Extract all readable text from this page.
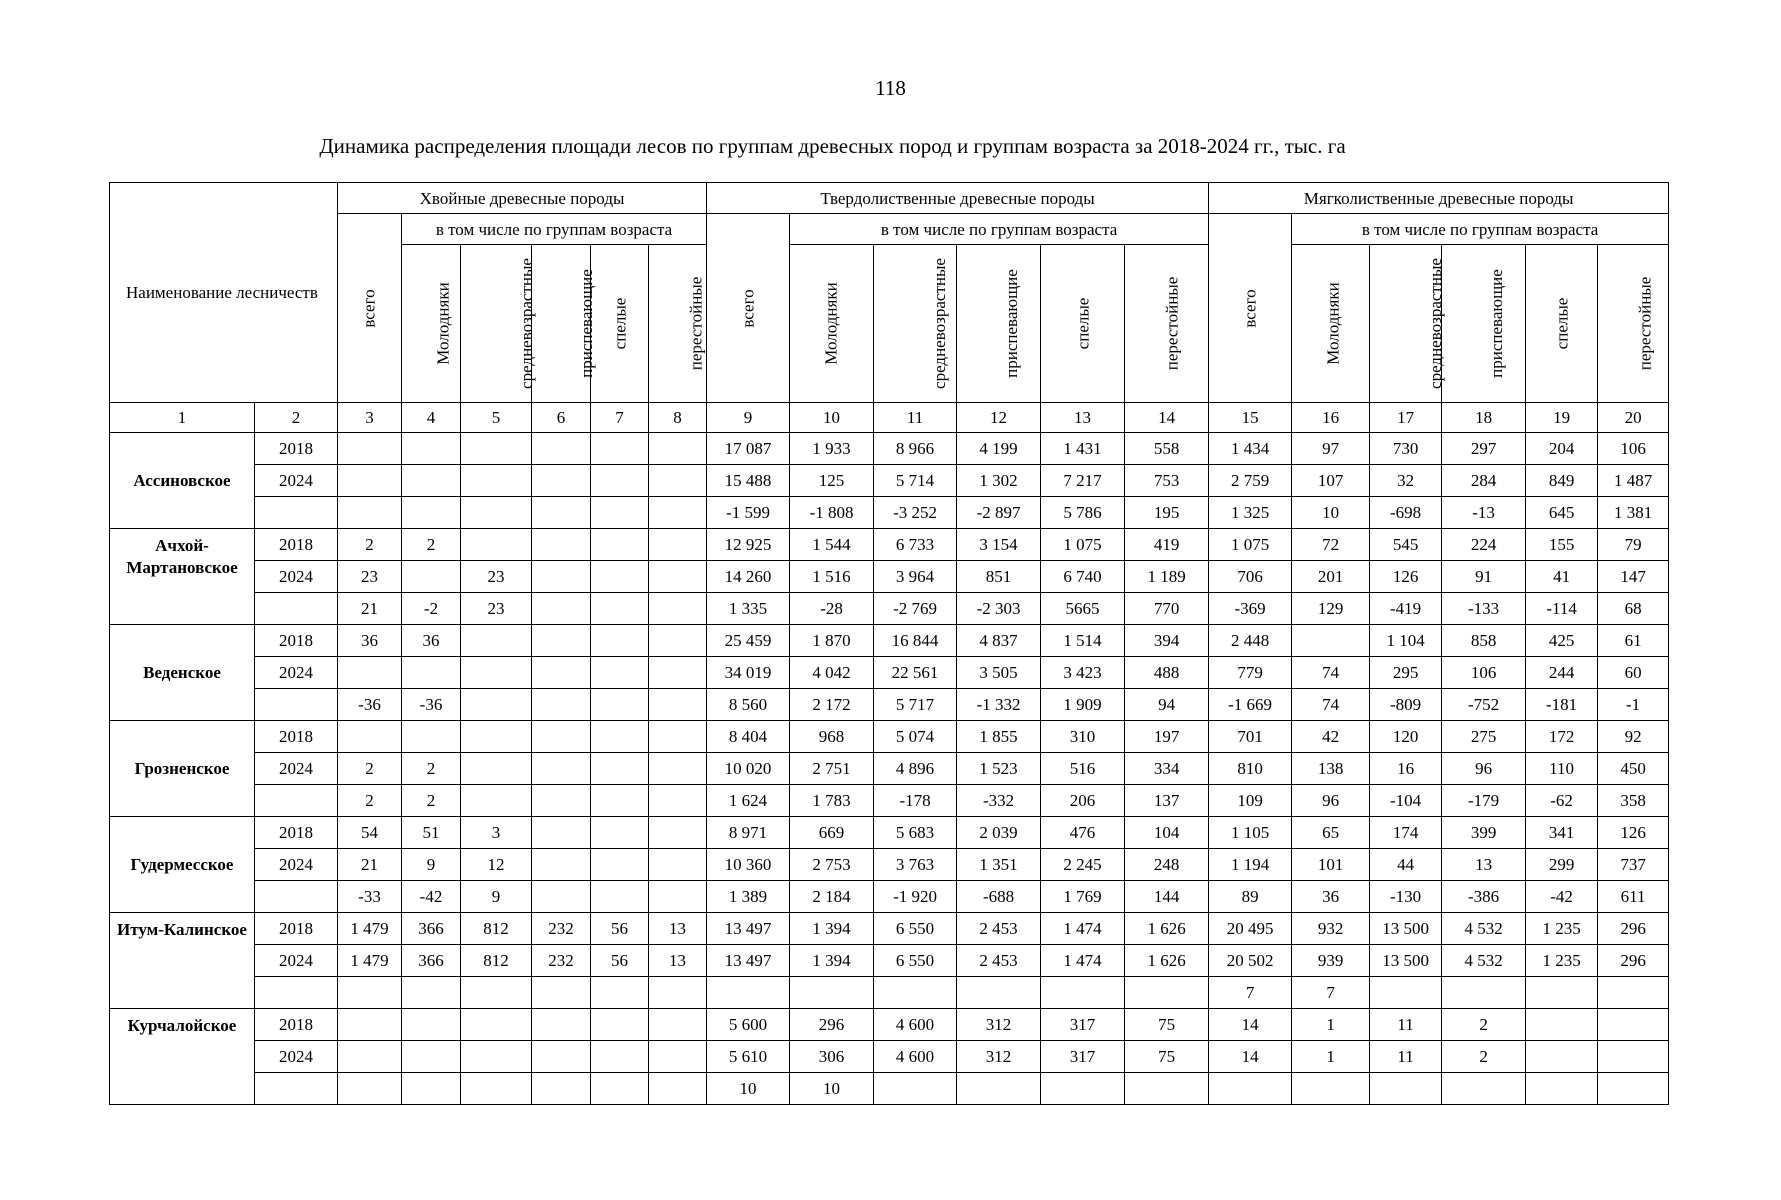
118
Динамика распределения площади лесов по группам древесных пород и группам возраста за 2018-2024 гг., тыс. га
Наименование лесничеств		Хвойные древесные породы						Твердолиственные древесные породы						Мягколиственные древесные породы					
		всего	в том числе по группам возраста					всего	в том числе по группам возраста					всего	в том числе по группам возраста				
			Молодняки	средневозрастные	приспевающие	спелые	перестойные		Молодняки	средневозрастные	приспевающие	спелые	перестойные		Молодняки	средневозрастные	приспевающие	спелые	перестойные
1	2	3	4	5	6	7	8	9	10	11	12	13	14	15	16	17	18	19	20
Ассиновское	2018							17 087	1 933	8 966	4 199	1 431	558	1 434	97	730	297	204	106
	2024							15 488	125	5 714	1 302	7 217	753	2 759	107	32	284	849	1 487
								-1 599	-1 808	-3 252	-2 897	5 786	195	1 325	10	-698	-13	645	1 381
Ачхой-Мартановское	2018	2	2					12 925	1 544	6 733	3 154	1 075	419	1 075	72	545	224	155	79
	2024	23		23				14 260	1 516	3 964	851	6 740	1 189	706	201	126	91	41	147
		21	-2	23				1 335	-28	-2 769	-2 303	5665	770	-369	129	-419	-133	-114	68
Веденское	2018	36	36					25 459	1 870	16 844	4 837	1 514	394	2 448		1 104	858	425	61
	2024							34 019	4 042	22 561	3 505	3 423	488	779	74	295	106	244	60
		-36	-36					8 560	2 172	5 717	-1 332	1 909	94	-1 669	74	-809	-752	-181	-1
Грозненское	2018							8 404	968	5 074	1 855	310	197	701	42	120	275	172	92
	2024	2	2					10 020	2 751	4 896	1 523	516	334	810	138	16	96	110	450
		2	2					1 624	1 783	-178	-332	206	137	109	96	-104	-179	-62	358
Гудермесское	2018	54	51	3				8 971	669	5 683	2 039	476	104	1 105	65	174	399	341	126
	2024	21	9	12				10 360	2 753	3 763	1 351	2 245	248	1 194	101	44	13	299	737
		-33	-42	9				1 389	2 184	-1 920	-688	1 769	144	89	36	-130	-386	-42	611
Итум-Калинское	2018	1 479	366	812	232	56	13	13 497	1 394	6 550	2 453	1 474	1 626	20 495	932	13 500	4 532	1 235	296
	2024	1 479	366	812	232	56	13	13 497	1 394	6 550	2 453	1 474	1 626	20 502	939	13 500	4 532	1 235	296
														7	7				
Курчалойское	2018							5 600	296	4 600	312	317	75	14	1	11	2		
	2024							5 610	306	4 600	312	317	75	14	1	11	2		
								10	10										
